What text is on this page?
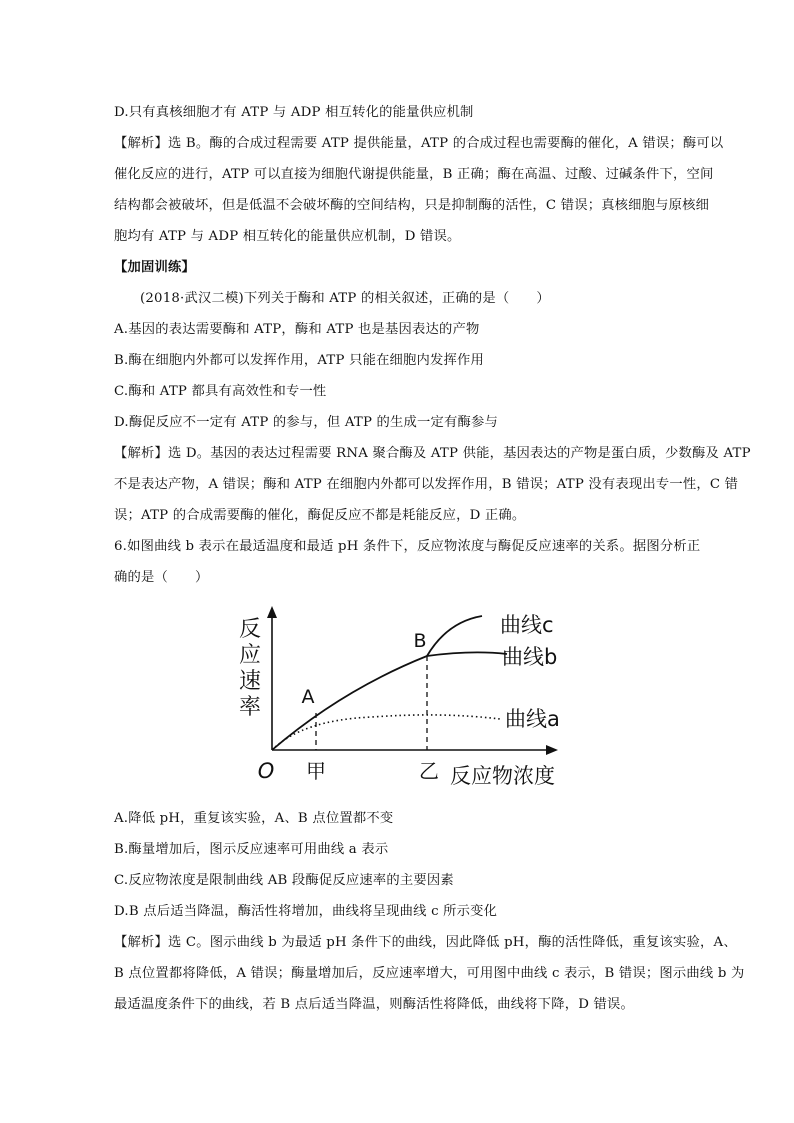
D.只有真核细胞才有 ATP 与 ADP 相互转化的能量供应机制
【解析】选 B。酶的合成过程需要 ATP 提供能量，ATP 的合成过程也需要酶的催化，A 错误；酶可以
催化反应的进行，ATP 可以直接为细胞代谢提供能量，B 正确；酶在高温、过酸、过碱条件下，空间
结构都会被破坏，但是低温不会破坏酶的空间结构，只是抑制酶的活性，C 错误；真核细胞与原核细
胞均有 ATP 与 ADP 相互转化的能量供应机制，D 错误。
【加固训练】
(2018·武汉二模)下列关于酶和 ATP 的相关叙述，正确的是（　　）
A.基因的表达需要酶和 ATP，酶和 ATP 也是基因表达的产物
B.酶在细胞内外都可以发挥作用，ATP 只能在细胞内发挥作用
C.酶和 ATP 都具有高效性和专一性
D.酶促反应不一定有 ATP 的参与，但 ATP 的生成一定有酶参与
【解析】选 D。基因的表达过程需要 RNA 聚合酶及 ATP 供能，基因表达的产物是蛋白质，少数酶及 ATP
不是表达产物，A 错误；酶和 ATP 在细胞内外都可以发挥作用，B 错误；ATP 没有表现出专一性，C 错
误；ATP 的合成需要酶的催化，酶促反应不都是耗能反应，D 正确。
6.如图曲线 b 表示在最适温度和最适 pH 条件下，反应物浓度与酶促反应速率的关系。据图分析正
确的是（　　）
反
应
速
率 A
B
曲线c
曲线b
曲线a
O 甲	乙 反应物浓度
A.降低 pH，重复该实验，A、B 点位置都不变
B.酶量增加后，图示反应速率可用曲线 a 表示
C.反应物浓度是限制曲线 AB 段酶促反应速率的主要因素
D.B 点后适当降温，酶活性将增加，曲线将呈现曲线 c 所示变化
【解析】选 C。图示曲线 b 为最适 pH 条件下的曲线，因此降低 pH，酶的活性降低，重复该实验，A、
B 点位置都将降低，A 错误；酶量增加后，反应速率增大，可用图中曲线 c 表示，B 错误；图示曲线 b 为
最适温度条件下的曲线，若 B 点后适当降温，则酶活性将降低，曲线将下降，D 错误。
